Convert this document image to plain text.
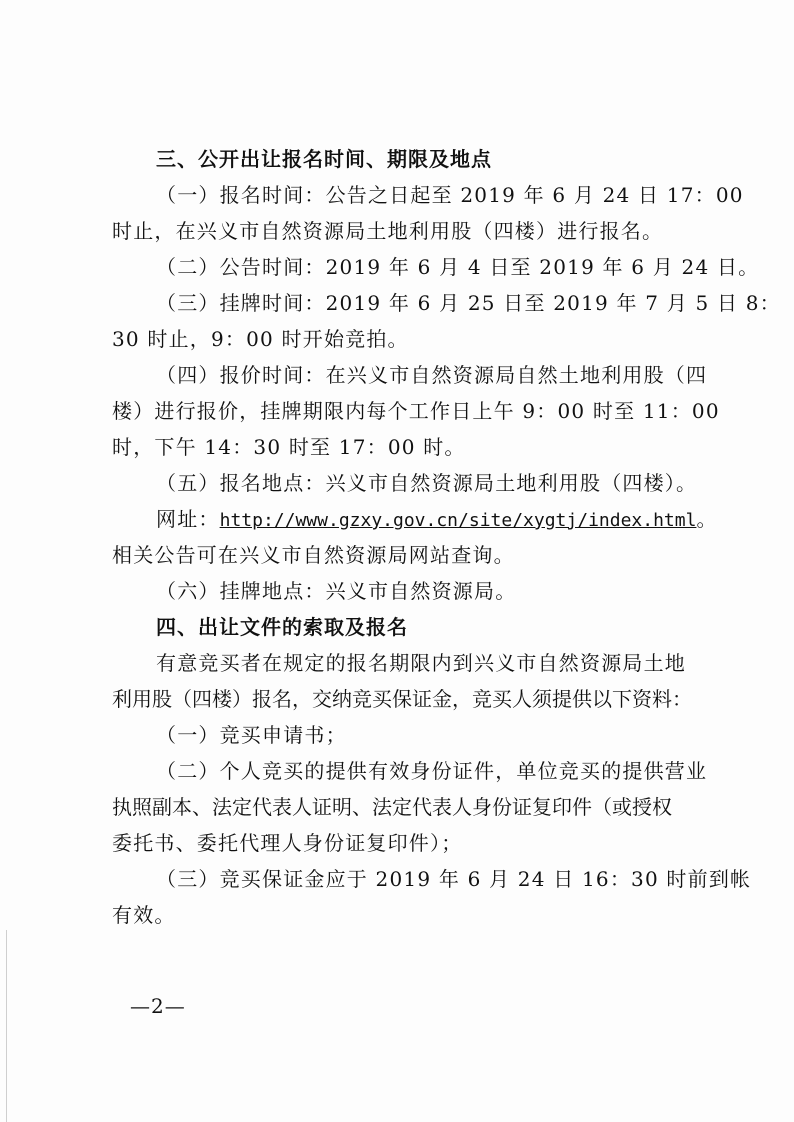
三、公开出让报名时间、期限及地点
（一）报名时间：公告之日起至 2019 年 6 月 24 日 17：00
时止，在兴义市自然资源局土地利用股（四楼）进行报名。
（二）公告时间：2019 年 6 月 4 日至 2019 年 6 月 24 日。
（三）挂牌时间：2019 年 6 月 25 日至 2019 年 7 月 5 日 8：
30 时止，9：00 时开始竞拍。
（四）报价时间：在兴义市自然资源局自然土地利用股（四
楼）进行报价，挂牌期限内每个工作日上午 9：00 时至 11：00
时，下午 14：30 时至 17：00 时。
（五）报名地点：兴义市自然资源局土地利用股（四楼）。
网址：http://www.gzxy.gov.cn/site/xygtj/index.html。
相关公告可在兴义市自然资源局网站查询。
（六）挂牌地点：兴义市自然资源局。
四、出让文件的索取及报名
有意竞买者在规定的报名期限内到兴义市自然资源局土地
利用股（四楼）报名，交纳竞买保证金，竞买人须提供以下资料：
（一）竞买申请书；
（二）个人竞买的提供有效身份证件，单位竞买的提供营业
执照副本、法定代表人证明、法定代表人身份证复印件（或授权
委托书、委托代理人身份证复印件）；
（三）竞买保证金应于 2019 年 6 月 24 日 16：30 时前到帐
有效。
—2—
